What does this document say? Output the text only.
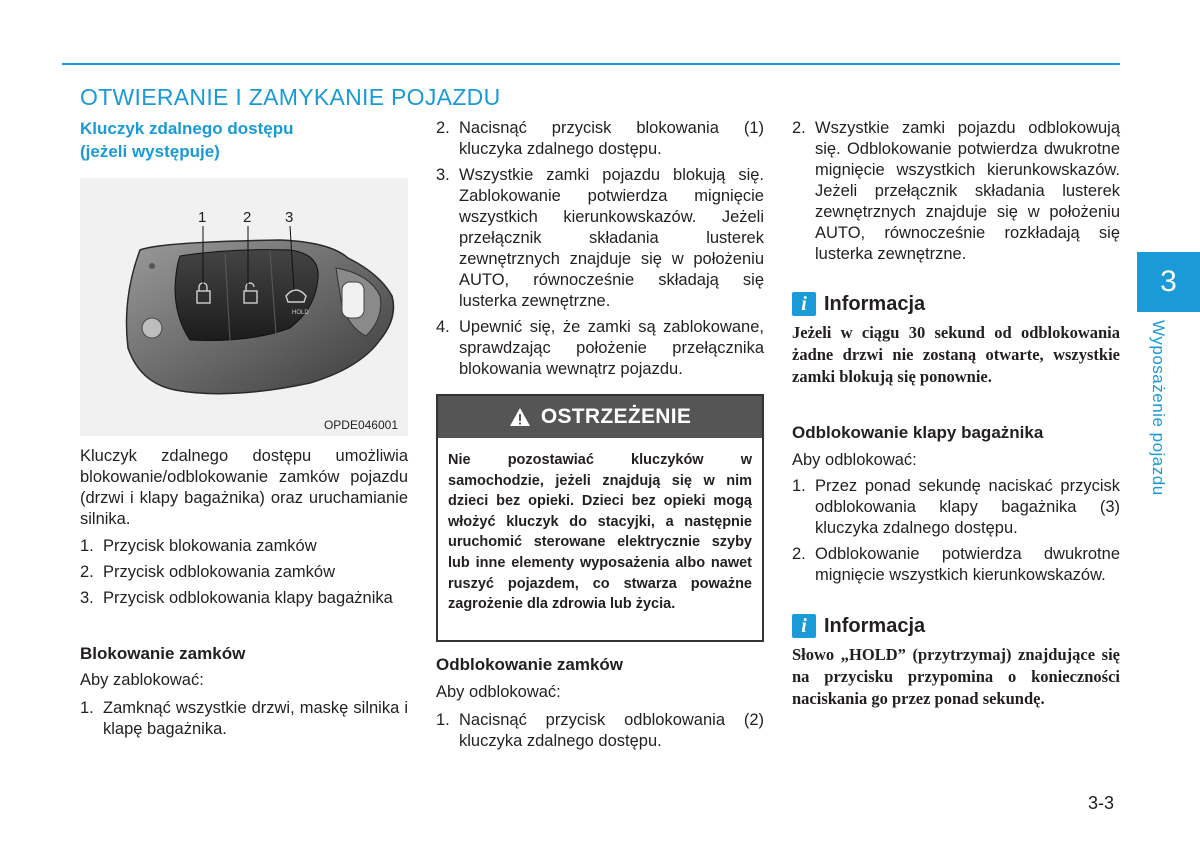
OTWIERANIE I ZAMYKANIE POJAZDU
Kluczyk zdalnego dostępu
(jeżeli występuje)
HOLD
1 2 3
OPDE046001
Kluczyk zdalnego dostępu umożliwia blokowanie/odblokowanie zamków pojazdu (drzwi i klapy bagażnika) oraz uruchamianie silnika.
1. Przycisk blokowania zamków
2. Przycisk odblokowania zamków
3. Przycisk odblokowania klapy bagażnika
Blokowanie zamków
Aby zablokować:
1. Zamknąć wszystkie drzwi, maskę silnika i klapę bagażnika.
2. Nacisnąć przycisk blokowania (1) kluczyka zdalnego dostępu.
3. Wszystkie zamki pojazdu blokują się. Zablokowanie potwierdza mignięcie wszystkich kierunkowskazów. Jeżeli przełącznik składania lusterek zewnętrznych znajduje się w położeniu AUTO, równocześnie składają się lusterka zewnętrzne.
4. Upewnić się, że zamki są zablokowane, sprawdzając położenie przełącznika blokowania wewnątrz pojazdu.
OSTRZEŻENIE
Nie pozostawiać kluczyków w samochodzie, jeżeli znajdują się w nim dzieci bez opieki. Dzieci bez opieki mogą włożyć kluczyk do stacyjki, a następnie uruchomić sterowane elektrycznie szyby lub inne elementy wyposażenia albo nawet ruszyć pojazdem, co stwarza poważne zagrożenie dla zdrowia lub życia.
Odblokowanie zamków
Aby odblokować:
1. Nacisnąć przycisk odblokowania (2) kluczyka zdalnego dostępu.
2. Wszystkie zamki pojazdu odblokowują się. Odblokowanie potwierdza dwukrotne mignięcie wszystkich kierunkowskazów. Jeżeli przełącznik składania lusterek zewnętrznych znajduje się w położeniu AUTO, równocześnie rozkładają się lusterka zewnętrzne.
i Informacja
Jeżeli w ciągu 30 sekund od odblokowania żadne drzwi nie zostaną otwarte, wszystkie zamki blokują się ponownie.
Odblokowanie klapy bagażnika
Aby odblokować:
1. Przez ponad sekundę naciskać przycisk odblokowania klapy bagażnika (3) kluczyka zdalnego dostępu.
2. Odblokowanie potwierdza dwukrotne mignięcie wszystkich kierunkowskazów.
i Informacja
Słowo „HOLD” (przytrzymaj) znajdujące się na przycisku przypomina o konieczności naciskania go przez ponad sekundę.
3
Wyposażenie pojazdu
3-3
